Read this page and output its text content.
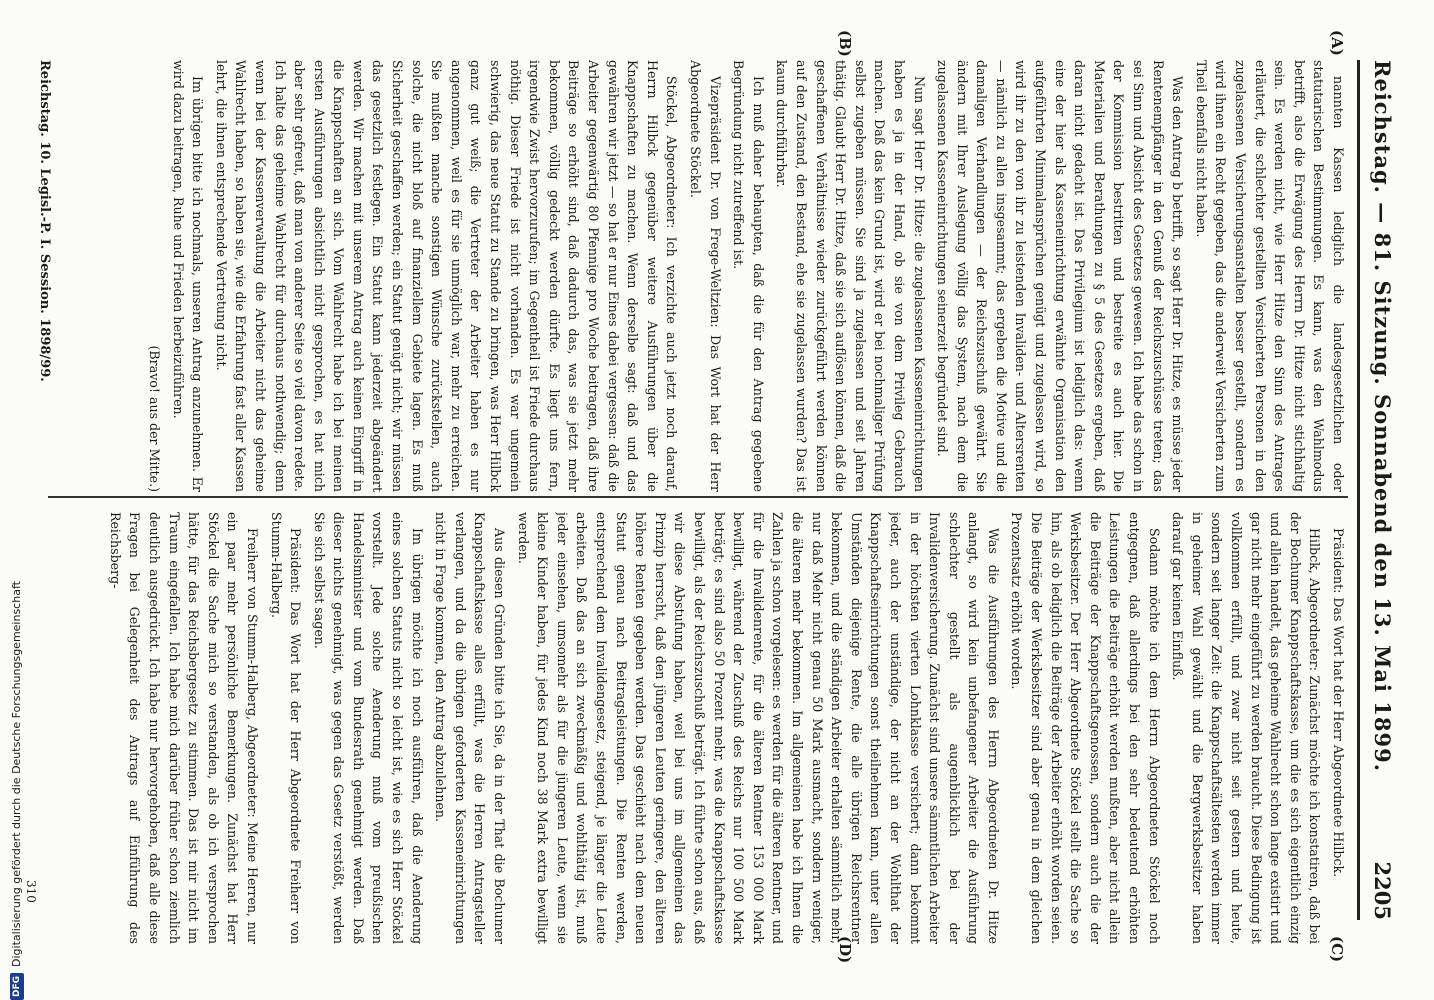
Reichstag. — 81. Sitzung. Sonnabend den 13. Mai 1899.
2205
(A)
(B)
(C)
(D)

nannten Kassen lediglich die landesgesetzlichen oder statutarischen Bestimmungen. Es kann, was den Wahlmodus betrifft, also die Erwägung des Herrn Dr. Hitze nicht stichhaltig sein. Es werden nicht, wie Herr Hitze den Sinn des Antrages erläutert, die schlechter gestellten Versicherten Personen in den zugelassenen Versicherungsanstalten besser gestellt, sondern es wird ihnen ein Recht gegeben, das die anderweit Versicherten zum Theil ebenfalls nicht haben.

Was den Antrag b betrifft, so sagt Herr Dr. Hitze, es müsse jeder Rentenempfänger in den Genuß der Reichszuschüsse treten; das sei Sinn und Absicht des Gesetzes gewesen. Ich habe das schon in der Kommission bestritten und bestreite es auch hier. Die Materialien und Berathungen zu § 5 des Gesetzes ergeben, daß daran nicht gedacht ist. Das Privilegium ist lediglich das: wenn eine der hier als Kasseneinrichtung erwähnte Organisation den aufgeführten Minimalansprüchen genügt und zugelassen wird, so wird ihr zu den von ihr zu leistenden Invaliden- und Altersrenten — nämlich zu allen insgesammt; das ergeben die Motive und die damaligen Verhandlungen — der Reichszuschuß gewährt. Sie ändern mit Ihrer Auslegung völlig das System, nach dem die zugelassenen Kasseneinrichtungen seinerzeit begründet sind.

Nun sagt Herr Dr. Hitze: die zugelassenen Kasseneinrichtungen haben es ja in der Hand, ob sie von dem Privileg Gebrauch machen. Daß das kein Grund ist, wird er bei nochmaliger Prüfung selbst zugeben müssen. Sie sind ja zugelassen und seit Jahren thätig. Glaubt Herr Dr. Hitze, daß sie sich auflösen können, daß die geschaffenen Verhältnisse wieder zurückgeführt werden können auf den Zustand, den Bestand, ehe sie zugelassen wurden? Das ist kaum durchführbar.

Ich muß daher behaupten, daß die für den Antrag gegebene Begründung nicht zutreffend ist.

Vizepräsident Dr. von Frege-Weltzien: Das Wort hat der Herr Abgeordnete Stöckel.

Stöckel, Abgeordneter: Ich verzichte auch jetzt noch darauf, Herrn Hilbck gegenüber weitere Ausführungen über die Knappschaften zu machen. Wenn derselbe sagt: daß und das gewähren wir jetzt — so hat er nur Eines dabei vergessen: daß die Arbeiter gegenwärtig 80 Pfennige pro Woche beitragen, daß ihre Beiträge so erhöht sind, daß dadurch das, was sie jetzt mehr bekommen, völlig gedeckt werden dürfte. Es liegt uns fern, irgendwie Zwist hervorzurufen; im Gegentheil ist Friede durchaus nöthig. Dieser Friede ist nicht vorhanden. Es war ungemein schwierig, das neue Statut zu Stande zu bringen, was Herr Hilbck ganz gut weiß; die Vertreter der Arbeiter haben es nur angenommen, weil es für sie unmöglich war, mehr zu erreichen. Sie mußten manche sonstigen Wünsche zurückstellen, auch solche, die nicht bloß auf finanziellem Gebiete lagen. Es muß Sicherheit geschaffen werden; ein Statut genügt nicht; wir müssen das gesetzlich festlegen. Ein Statut kann jederzeit abgeändert werden. Wir machen mit unserem Antrag auch keinen Eingriff in die Knappschaften an sich. Vom Wahlrecht habe ich bei meinen ersten Ausführungen absichtlich nicht gesprochen, es hat mich aber sehr gefreut, daß man von anderer Seite so viel davon redete. Ich halte das geheime Wahlrecht für durchaus nothwendig; denn wenn bei der Kassenverwaltung die Arbeiter nicht das geheime Wahlrecht haben, so haben sie, wie die Erfahrung fast aller Kassen lehrt, die ihnen entsprechende Vertretung nicht.

Im übrigen bitte ich nochmals, unseren Antrag anzunehmen. Er wird dazu beitragen, Ruhe und Frieden herbeizuführen.

(Bravo! aus der Mitte.)

Präsident: Das Wort hat der Herr Abgeordnete Hilbck.

Hilbck, Abgeordneter: Zunächst möchte ich konstatiren, daß bei der Bochumer Knappschaftskasse, um die es sich eigentlich einzig und allein handelt, das geheime Wahlrecht schon lange existirt und gar nicht mehr eingeführt zu werden braucht. Diese Bedingung ist vollkommen erfüllt, und zwar nicht seit gestern und heute, sondern seit langer Zeit: die Knappschaftsältesten werden immer in geheimer Wahl gewählt und die Bergwerksbesitzer haben darauf gar keinen Einfluß.

Sodann möchte ich dem Herrn Abgeordneten Stöckel noch entgegnen, daß allerdings bei den sehr bedeutend erhöhten Leistungen die Beiträge erhöht werden mußten, aber nicht allein die Beiträge der Knappschaftsgenossen, sondern auch die der Werksbesitzer. Der Herr Abgeordnete Stöckel stellt die Sache so hin, als ob lediglich die Beiträge der Arbeiter erhöht worden seien. Die Beiträge der Werksbesitzer sind aber genau in dem gleichen Prozentsatz erhöht worden.

Was die Ausführungen des Herrn Abgeordneten Dr. Hitze anlangt, so wird kein unbefangener Arbeiter die Ausführung schlechter gestellt als augenblicklich bei der Invalidenversicherung. Zunächst sind unsere sämmtlichen Arbeiter in der höchsten vierten Lohnklasse versichert; dann bekommt jeder, auch der unständige, der nicht an der Wohlthat der Knappschaftseinrichtungen sonst theilnehmen kann, unter allen Umständen diejenige Rente, die alle übrigen Reichsrentner bekommen, und die ständigen Arbeiter erhalten sämmtlich mehr, nur daß Mehr nicht genau 50 Mark ausmacht, sondern weniger, die älteren mehr bekommen. Im allgemeinen habe ich Ihnen die Zahlen ja schon vorgelesen: es werden für die älteren Rentner, und für die Invalidenrente, für die älteren Rentner 153 000 Mark bewilligt, während der Zuschuß des Reichs nur 100 500 Mark beträgt; es sind also 50 Prozent mehr, was die Knappschaftskasse bewilligt, als der Reichszuschuß beträgt. Ich führte schon aus, daß wir diese Abstufung haben, weil bei uns im allgemeinen das Prinzip herrscht, daß den jüngeren Leuten geringere, den älteren höhere Renten gegeben werden. Das geschieht nach dem neuen Statut genau nach Beitragsleistungen. Die Renten werden, entsprechend dem Invalidengesetz, steigend, je länger die Leute arbeiten. Daß das an sich zweckmäßig und wohlthätig ist, muß jeder einsehen, umsomehr als für die jüngeren Leute, wenn sie kleine Kinder haben, für jedes Kind noch 38 Mark extra bewilligt werden.

Aus diesen Gründen bitte ich Sie, da in der That die Bochumer Knappschaftskasse alles erfüllt, was die Herren Antragsteller verlangen, und da die übrigen geforderten Kasseneinrichtungen nicht in Frage kommen, den Antrag abzulehnen.

Im übrigen möchte ich noch ausführen, daß die Aenderung eines solchen Statuts nicht so leicht ist, wie es sich Herr Stöckel vorstellt. Jede solche Aenderung muß vom preußischen Handelsminister und vom Bundesrath genehmigt werden. Daß dieser nichts genehmigt, was gegen das Gesetz verstößt, werden Sie sich selbst sagen.

Präsident: Das Wort hat der Herr Abgeordnete Freiherr von Stumm-Halberg.

Freiherr von Stumm-Halberg, Abgeordneter: Meine Herren, nur ein paar mehr persönliche Bemerkungen. Zunächst hat Herr Stöckel die Sache mich so verstanden, als ob ich versprochen hätte, für das Reichsbergesetz zu stimmen. Das ist mir nicht im Traum eingefallen. Ich habe mich darüber früher schon ziemlich deutlich ausgedrückt. Ich habe nur hervorgehoben, daß alle diese Fragen bei Gelegenheit des Antrags auf Einführung des Reichsberg-

Reichstag. 10. Legisl.-P. I. Session. 1898/99.
310
DFG
Digitalisierung gefördert durch die Deutsche Forschungsgemeinschaft
